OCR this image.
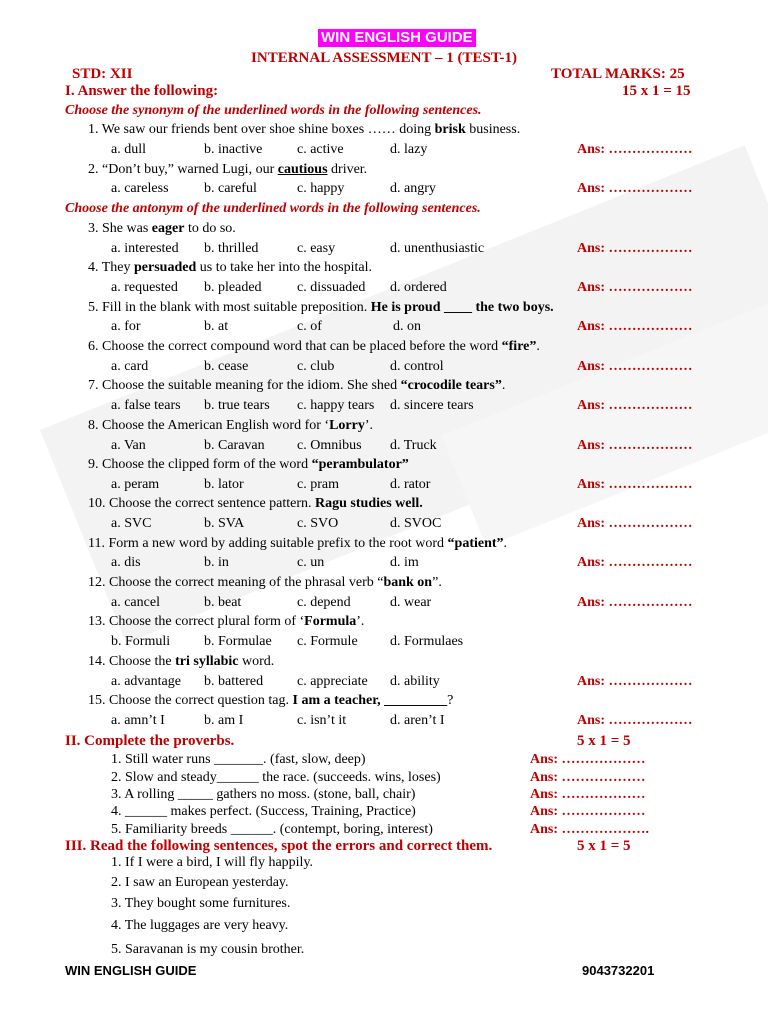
WIN ENGLISH GUIDE
INTERNAL ASSESSMENT – 1 (TEST-1)
STD: XII	TOTAL MARKS: 25
I. Answer the following:	15 x 1 = 15
Choose the synonym of the underlined words in the following sentences.
1. We saw our friends bent over shoe shine boxes …… doing brisk business.
a. dull	b. inactive c. active	d. lazy	Ans: ………………
2. “Don’t buy,” warned Lugi, our cautious driver.
a. careless	b. careful	c. happy	d. angry	Ans: ………………
Choose the antonym of the underlined words in the following sentences.
3. She was eager to do so.
a. interested b. thrilled	c. easy	d. unenthusiastic	Ans: ………………
4. They persuaded us to take her into the hospital.
a. requested b. pleaded	c. dissuaded d. ordered	Ans: ………………
5. Fill in the blank with most suitable preposition. He is proud ____ the two boys.
a. for	b. at	c. of	d. on	Ans: ………………
6. Choose the correct compound word that can be placed before the word “fire”.
a. card	b. cease	c. club	d. control	Ans: ………………
7. Choose the suitable meaning for the idiom. She shed “crocodile tears”.
a. false tears b. true tears c. happy tears d. sincere tears	Ans: ………………
8. Choose the American English word for ‘Lorry’.
a. Van	b. Caravan c. Omnibus d. Truck	Ans: ………………
9. Choose the clipped form of the word “perambulator”
a. peram	b. lator	c. pram	d. rator	Ans: ………………
10. Choose the correct sentence pattern. Ragu studies well.
a. SVC	b. SVA	c. SVO	d. SVOC	Ans: ………………
11. Form a new word by adding suitable prefix to the root word “patient”.
a. dis	b. in	c. un	d. im	Ans: ………………
12. Choose the correct meaning of the phrasal verb “bank on”.
a. cancel	b. beat	c. depend	d. wear	Ans: ………………
13. Choose the correct plural form of ‘Formula’.
b. Formuli b. Formulae c. Formule d. Formulaes
14. Choose the tri syllabic word.
a. advantage b. battered c. appreciate d. ability	Ans: ………………
15. Choose the correct question tag. I am a teacher, _________?
a. amn’t I	b. am I	c. isn’t it	d. aren’t I	Ans: ………………
II. Complete the proverbs.	5 x 1 = 5
1. Still water runs _______. (fast, slow, deep)	Ans: ………………
2. Slow and steady______ the race. (succeeds. wins, loses)	Ans: ………………
3. A rolling _____ gathers no moss. (stone, ball, chair)	Ans: ………………
4. ______ makes perfect. (Success, Training, Practice)	Ans: ………………
5. Familiarity breeds ______. (contempt, boring, interest)	Ans: ……………….
III. Read the following sentences, spot the errors and correct them.	5 x 1 = 5
1. If I were a bird, I will fly happily.
2. I saw an European yesterday.
3. They bought some furnitures.
4. The luggages are very heavy.
5. Saravanan is my cousin brother.
WIN ENGLISH GUIDE	9043732201
